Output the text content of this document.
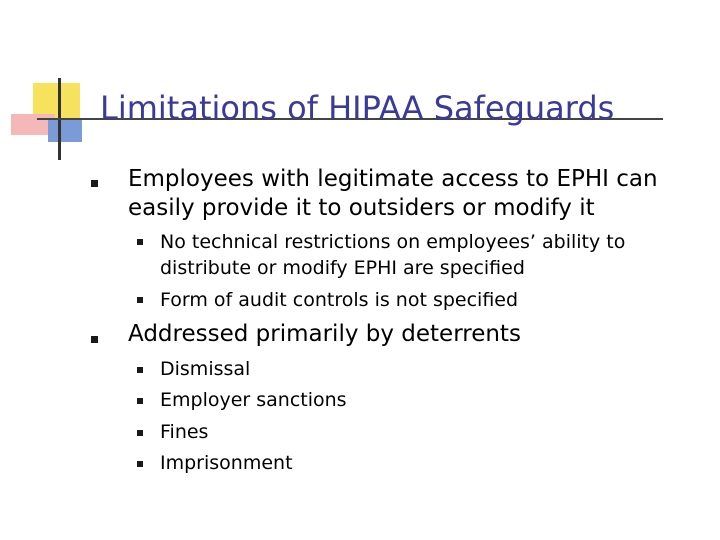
Limitations of HIPAA Safeguards
Employees with legitimate access to EPHI can
easily provide it to outsiders or modify it
No technical restrictions on employees’ ability to
distribute or modify EPHI are specified
Form of audit controls is not specified
Addressed primarily by deterrents
Dismissal
Employer sanctions
Fines
Imprisonment
